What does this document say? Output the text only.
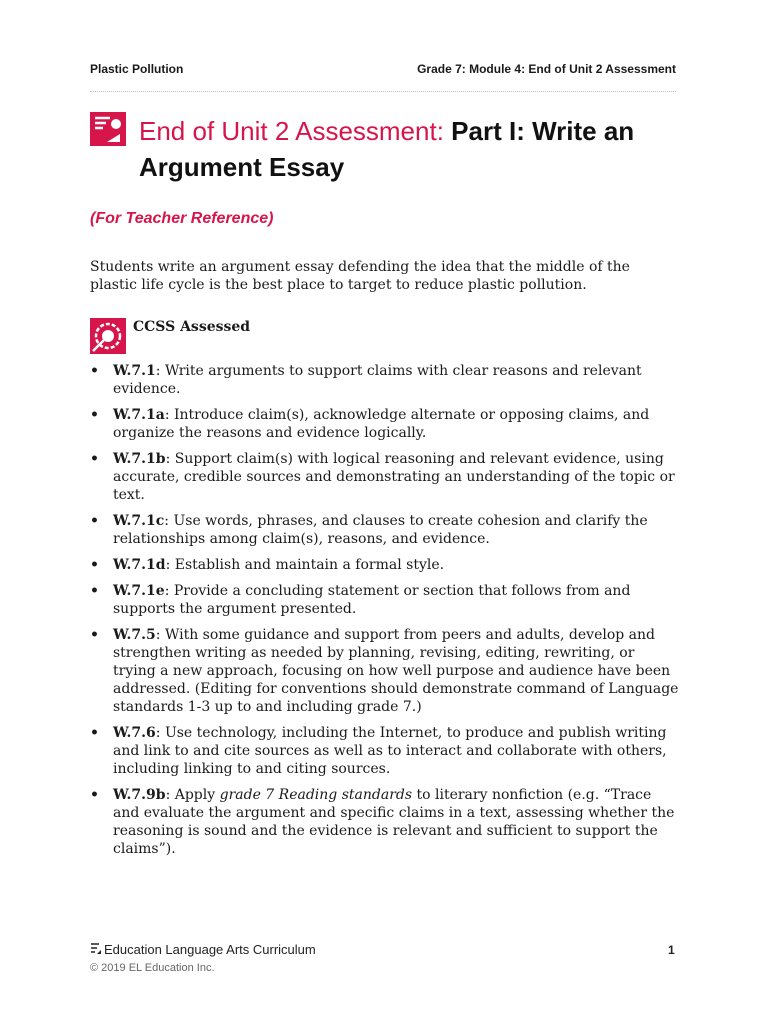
Plastic Pollution	Grade 7: Module 4: End of Unit 2 Assessment
End of Unit 2 Assessment: Part I: Write an Argument Essay
(For Teacher Reference)
Students write an argument essay defending the idea that the middle of the plastic life cycle is the best place to target to reduce plastic pollution.
CCSS Assessed
• W.7.1: Write arguments to support claims with clear reasons and relevant evidence.
• W.7.1a: Introduce claim(s), acknowledge alternate or opposing claims, and organize the reasons and evidence logically.
• W.7.1b: Support claim(s) with logical reasoning and relevant evidence, using accurate, credible sources and demonstrating an understanding of the topic or text.
• W.7.1c: Use words, phrases, and clauses to create cohesion and clarify the relationships among claim(s), reasons, and evidence.
• W.7.1d: Establish and maintain a formal style.
• W.7.1e: Provide a concluding statement or section that follows from and supports the argument presented.
• W.7.5: With some guidance and support from peers and adults, develop and strengthen writing as needed by planning, revising, editing, rewriting, or trying a new approach, focusing on how well purpose and audience have been addressed. (Editing for conventions should demonstrate command of Language standards 1-3 up to and including grade 7.)
• W.7.6: Use technology, including the Internet, to produce and publish writing and link to and cite sources as well as to interact and collaborate with others, including linking to and citing sources.
• W.7.9b: Apply grade 7 Reading standards to literary nonfiction (e.g. “Trace and evaluate the argument and specific claims in a text, assessing whether the reasoning is sound and the evidence is relevant and sufficient to support the claims”).
Education Language Arts Curriculum
© 2019 EL Education Inc.
1
